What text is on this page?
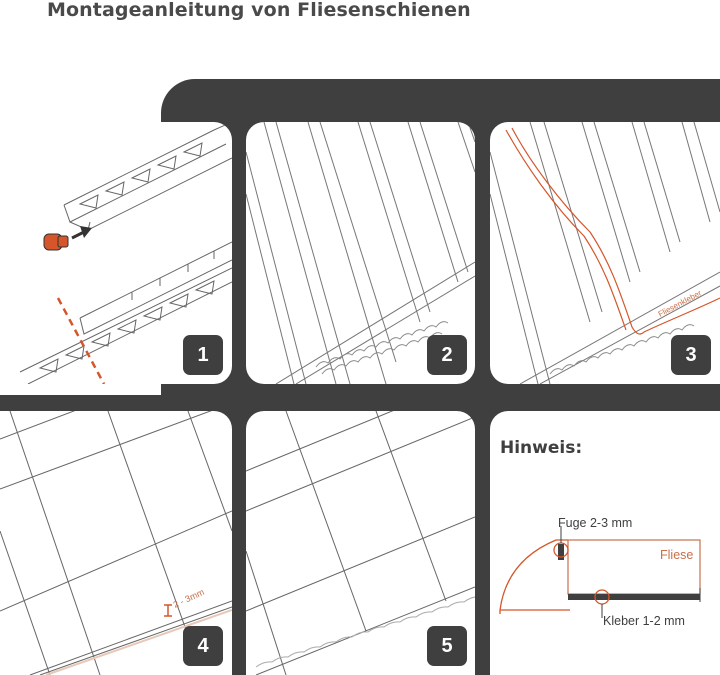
Montageanleitung von Fliesenschienen
1	2
Fliesenkleber
3
2 - 3mm
4	5
Hinweis:
Fuge 2-3 mm
Fliese
Kleber 1-2 mm
